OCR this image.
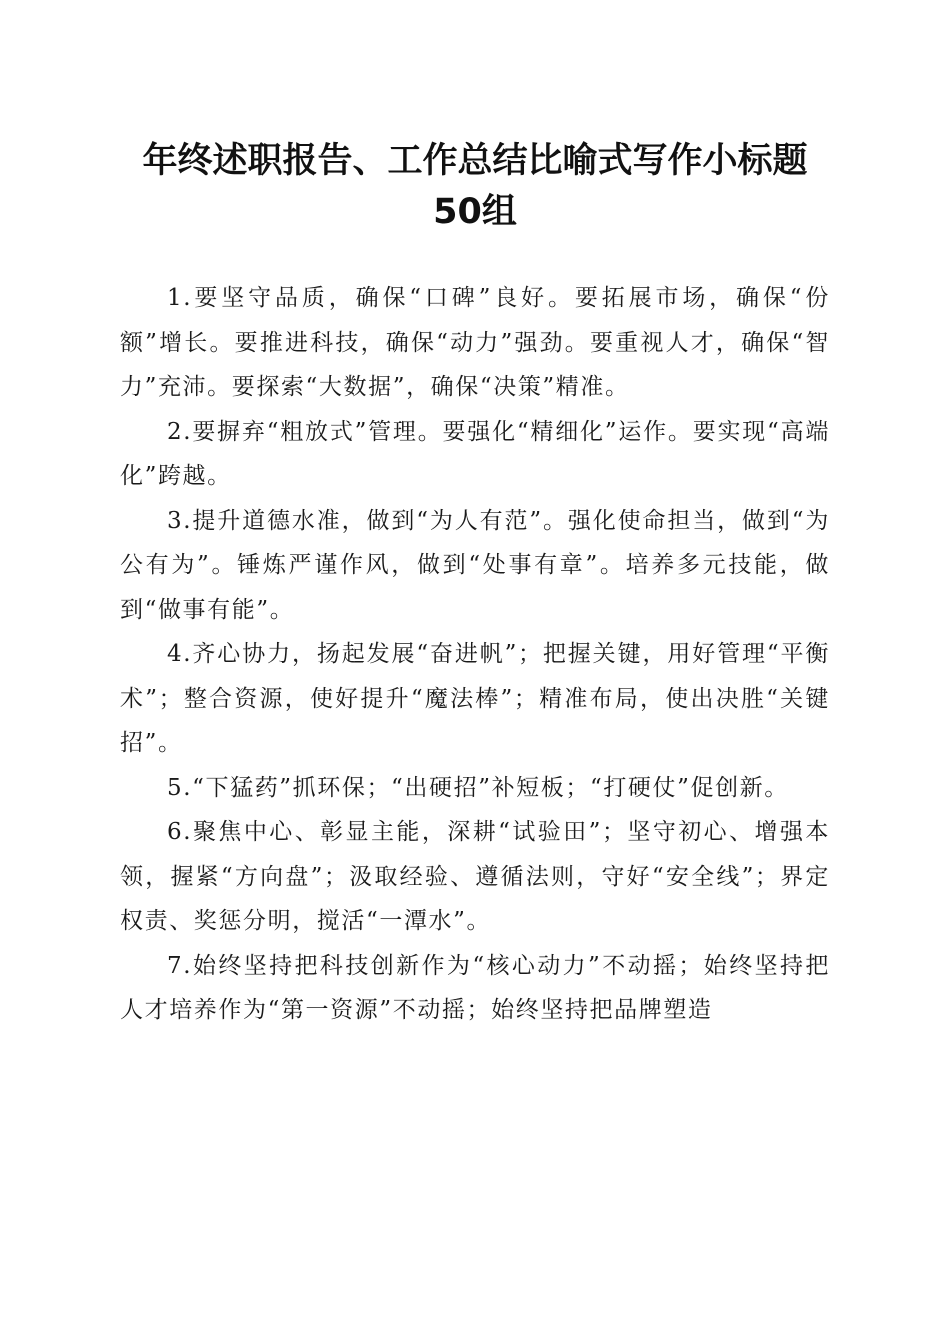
年终述职报告、工作总结比喻式写作小标题
50组

1.要坚守品质，确保“口碑”良好。要拓展市场，确保“份额”增长。要推进科技，确保“动力”强劲。要重视人才，确保“智力”充沛。要探索“大数据”，确保“决策”精准。

2.要摒弃“粗放式”管理。要强化“精细化”运作。要实现“高端化”跨越。

3.提升道德水准，做到“为人有范”。强化使命担当，做到“为公有为”。锤炼严谨作风，做到“处事有章”。培养多元技能，做到“做事有能”。

4.齐心协力，扬起发展“奋进帆”；把握关键，用好管理“平衡术”；整合资源，使好提升“魔法棒”；精准布局，使出决胜“关键招”。

5.“下猛药”抓环保；“出硬招”补短板；“打硬仗”促创新。

6.聚焦中心、彰显主能，深耕“试验田”；坚守初心、增强本领，握紧“方向盘”；汲取经验、遵循法则，守好“安全线”；界定权责、奖惩分明，搅活“一潭水”。

7.始终坚持把科技创新作为“核心动力”不动摇；始终坚持把人才培养作为“第一资源”不动摇；始终坚持把品牌塑造
